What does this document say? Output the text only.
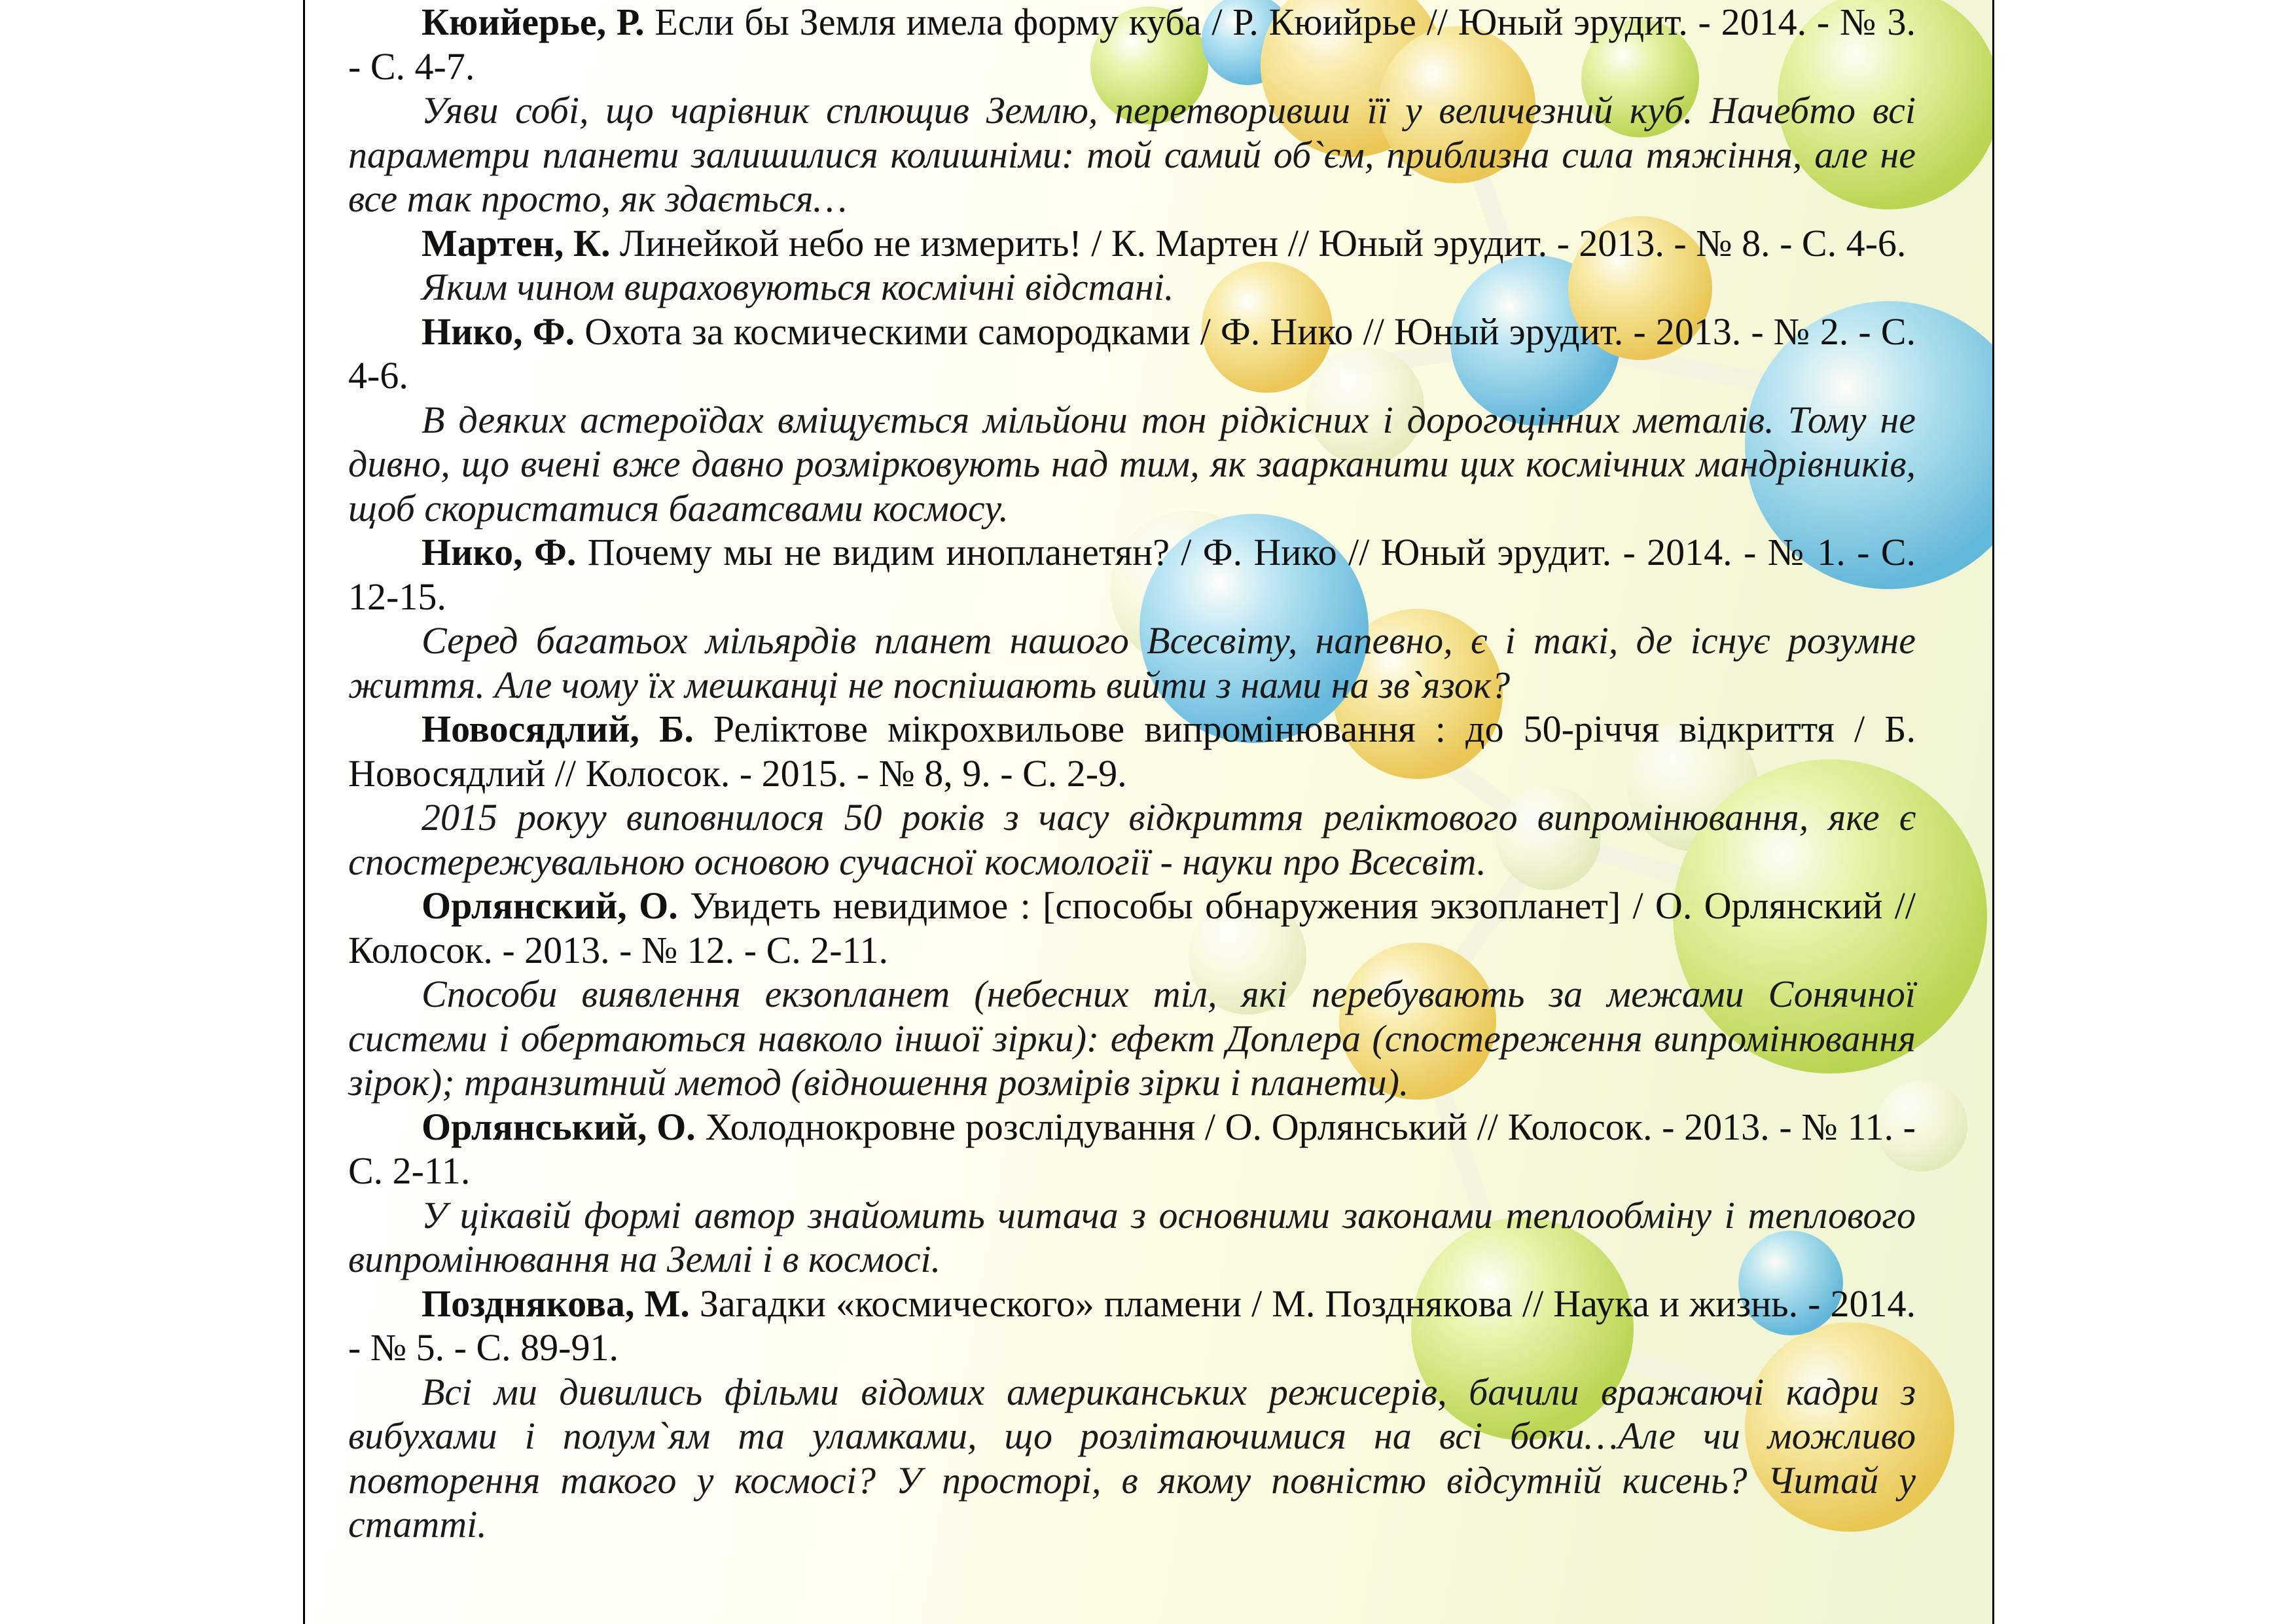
Кюийерье, Р. Если бы Земля имела форму куба / Р. Кюийрье // Юный эрудит. - 2014. - № 3. - С. 4-7.
Уяви собі, що чарівник сплющив Землю, перетворивши її у величезний куб. Начебто всі параметри планети залишилися колишніми: той самий об`єм, приблизна сила тяжіння, але не все так просто, як здається…
Мартен, К. Линейкой небо не измерить! / К. Мартен // Юный эрудит. - 2013. - № 8. - С. 4-6.
Яким чином вираховуються космічні відстані.
Нико, Ф. Охота за космическими самородками / Ф. Нико // Юный эрудит. - 2013. - № 2. - С. 4-6.
В деяких астероїдах вміщується мільйони тон рідкісних і дорогоцінних металів. Тому не дивно, що вчені вже давно розмірковують над тим, як заарканити цих космічних мандрівників, щоб скористатися багатсвами космосу.
Нико, Ф. Почему мы не видим инопланетян? / Ф. Нико // Юный эрудит. - 2014. - № 1. - С. 12-15.
Серед багатьох мільярдів планет нашого Всесвіту, напевно, є і такі, де існує розумне життя. Але чому їх мешканці не поспішають вийти з нами на зв`язок?
Новосядлий, Б. Реліктове мікрохвильове випромінювання : до 50-річчя відкриття / Б. Новосядлий // Колосок. - 2015. - № 8, 9. - С. 2-9.
2015 рокуу виповнилося 50 років з часу відкриття реліктового випромінювання, яке є спостережувальною основою сучасної космології - науки про Всесвіт.
Орлянский, О. Увидеть невидимое : [способы обнаружения экзопланет] / О. Орлянский // Колосок. - 2013. - № 12. - С. 2-11.
Способи виявлення екзопланет (небесних тіл, які перебувають за межами Сонячної системи і обертаються навколо іншої зірки): ефект Доплера (спостереження випромінювання зірок); транзитний метод (відношення розмірів зірки і планети).
Орлянський, О. Холоднокровне розслідування / О. Орлянський // Колосок. - 2013. - № 11. - С. 2-11.
У цікавій формі автор знайомить читача з основними законами теплообміну і теплового випромінювання на Землі і в космосі.
Позднякова, М. Загадки «космического» пламени / М. Позднякова // Наука и жизнь. - 2014. - № 5. - С. 89-91.
Всі ми дивились фільми відомих американських режисерів, бачили вражаючі кадри з вибухами і полум`ям та уламками, що розлітаючимися на всі боки…Але чи можливо повторення такого у космосі? У просторі, в якому повністю відсутній кисень? Читай у статті.
